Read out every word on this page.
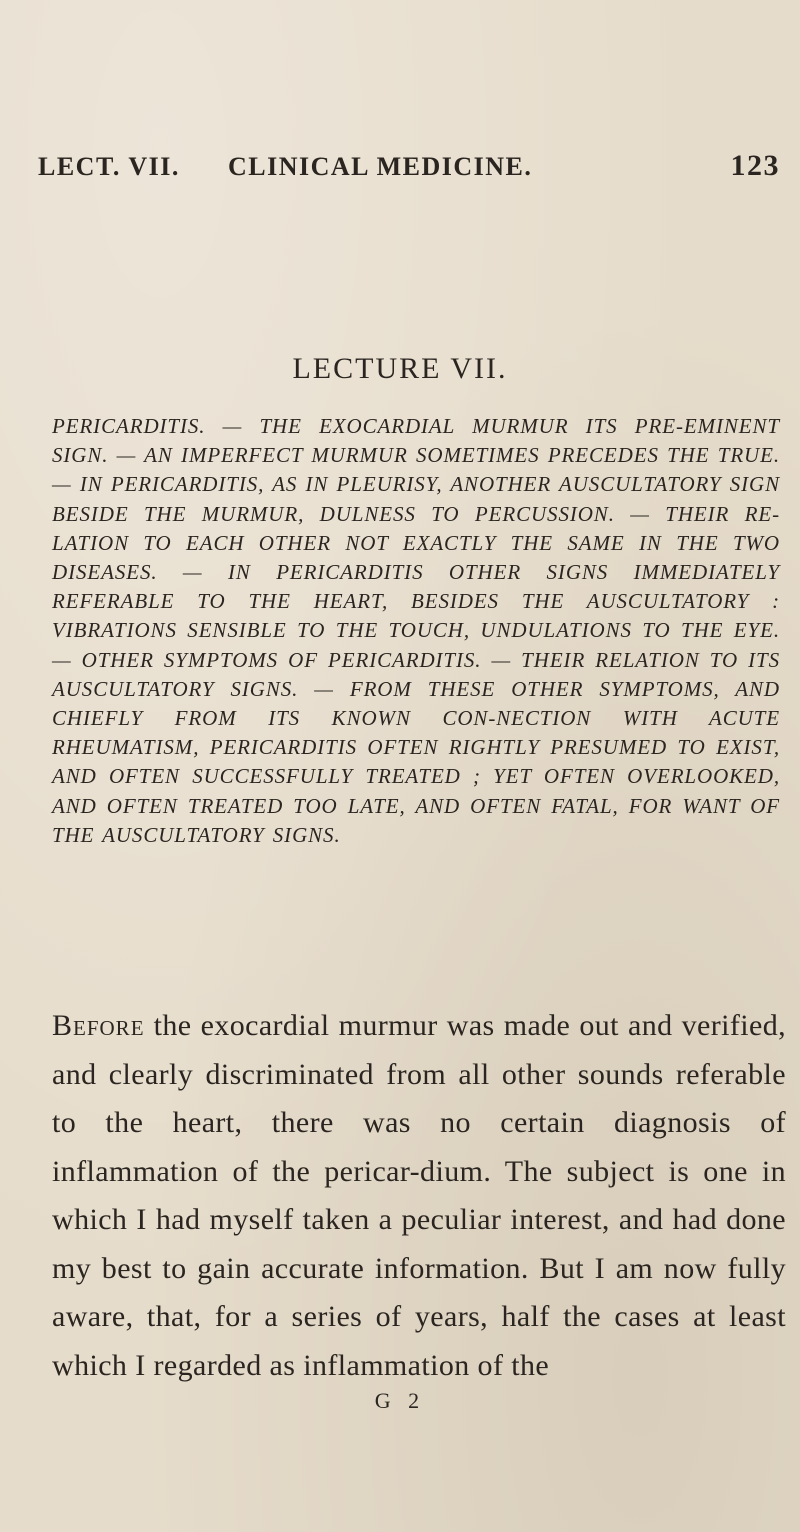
LECT. VII. CLINICAL MEDICINE.	123
LECTURE VII.
PERICARDITIS. — THE EXOCARDIAL MURMUR ITS PRE-EMINENT SIGN. — AN IMPERFECT MURMUR SOMETIMES PRECEDES THE TRUE. — IN PERICARDITIS, AS IN PLEURISY, ANOTHER AUSCULTATORY SIGN BESIDE THE MURMUR, DULNESS TO PERCUSSION. — THEIR RE-LATION TO EACH OTHER NOT EXACTLY THE SAME IN THE TWO DISEASES. — IN PERICARDITIS OTHER SIGNS IMMEDIATELY REFERABLE TO THE HEART, BESIDES THE AUSCULTATORY : VIBRATIONS SENSIBLE TO THE TOUCH, UNDULATIONS TO THE EYE. — OTHER SYMPTOMS OF PERICARDITIS. — THEIR RELATION TO ITS AUSCULTATORY SIGNS. — FROM THESE OTHER SYMPTOMS, AND CHIEFLY FROM ITS KNOWN CON-NECTION WITH ACUTE RHEUMATISM, PERICARDITIS OFTEN RIGHTLY PRESUMED TO EXIST, AND OFTEN SUCCESSFULLY TREATED ; YET OFTEN OVERLOOKED, AND OFTEN TREATED TOO LATE, AND OFTEN FATAL, FOR WANT OF THE AUSCULTATORY SIGNS.
Before the exocardial murmur was made out and verified, and clearly discriminated from all other sounds referable to the heart, there was no certain diagnosis of inflammation of the pericar-dium. The subject is one in which I had myself taken a peculiar interest, and had done my best to gain accurate information. But I am now fully aware, that, for a series of years, half the cases at least which I regarded as inflammation of the
G 2
